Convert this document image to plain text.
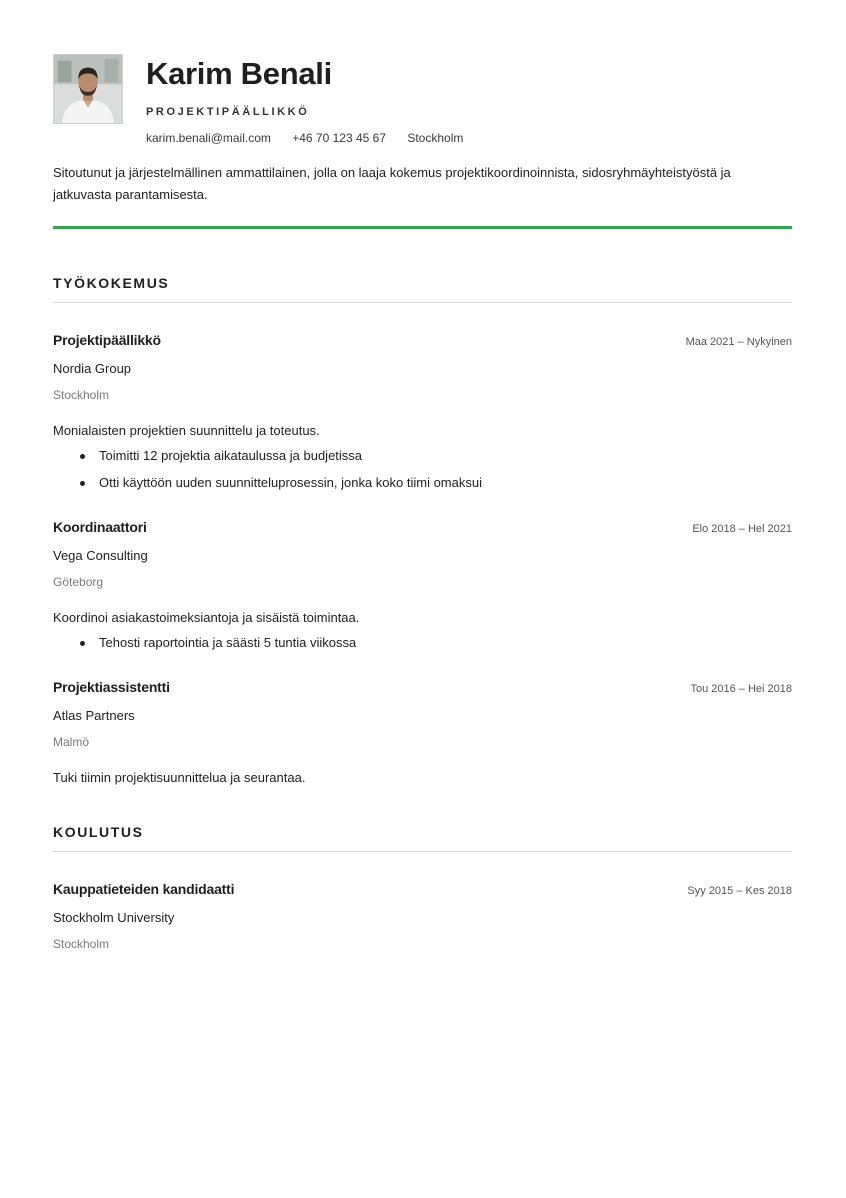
Karim Benali
PROJEKTIPÄÄLLIKKÖ
karim.benali@mail.com +46 70 123 45 67 Stockholm

Sitoutunut ja järjestelmällinen ammattilainen, jolla on laaja kokemus projektikoordinoinnista, sidosryhmäyhteistyöstä ja jatkuvasta parantamisesta.

TYÖKOKEMUS
Projektipäällikkö	Maa 2021 – Nykyinen
Nordia Group
Stockholm
Monialaisten projektien suunnittelu ja toteutus.
Toimitti 12 projektia aikataulussa ja budjetissa
Otti käyttöön uuden suunnitteluprosessin, jonka koko tiimi omaksui
Koordinaattori	Elo 2018 – Hel 2021
Vega Consulting
Göteborg
Koordinoi asiakastoimeksiantoja ja sisäistä toimintaa.
Tehosti raportointia ja säästi 5 tuntia viikossa
Projektiassistentti	Tou 2016 – Hei 2018
Atlas Partners
Malmö
Tuki tiimin projektisuunnittelua ja seurantaa.
KOULUTUS
Kauppatieteiden kandidaatti	Syy 2015 – Kes 2018
Stockholm University
Stockholm
